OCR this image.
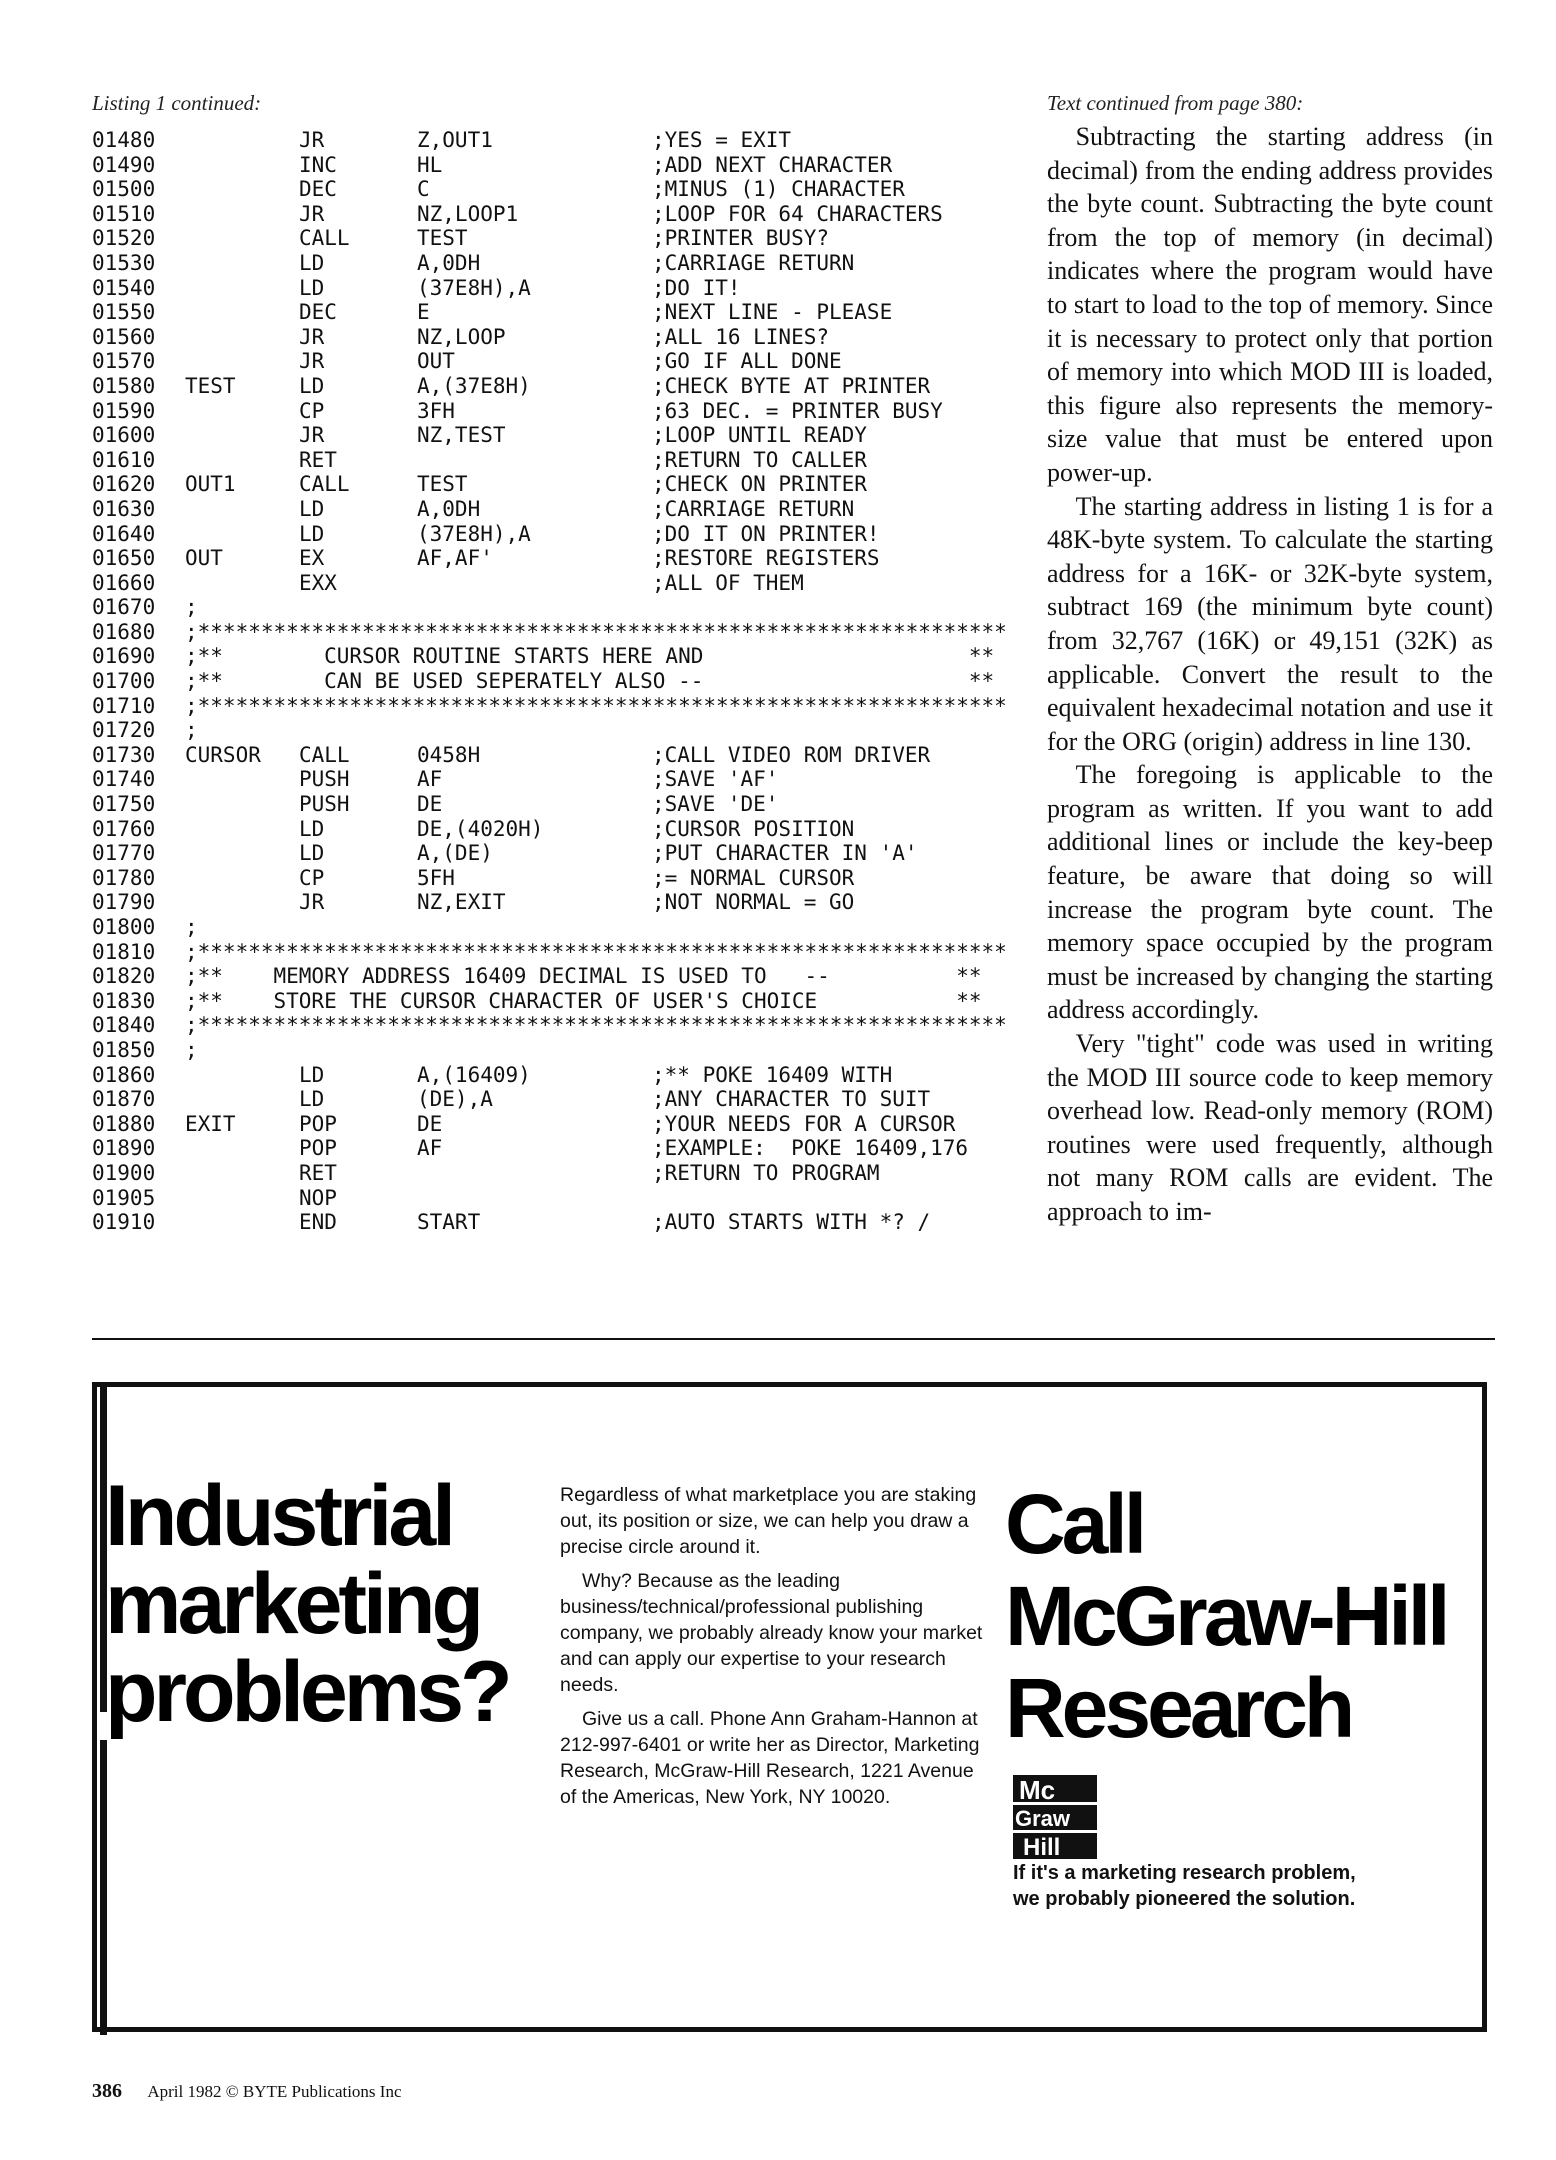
Listing 1 continued:	Text continued from page 380:
01480	JR	Z,OUT1	;YES = EXIT
01490	INC	HL	;ADD NEXT CHARACTER
01500	DEC	C	;MINUS (1) CHARACTER
01510	JR	NZ,LOOP1	;LOOP FOR 64 CHARACTERS
01520	CALL	TEST	;PRINTER BUSY?
01530	LD	A,0DH	;CARRIAGE RETURN
01540	LD	(37E8H),A	;DO IT!
01550	DEC	E	;NEXT LINE - PLEASE
01560	JR	NZ,LOOP	;ALL 16 LINES?
01570	JR	OUT	;GO IF ALL DONE
01580 TEST	LD	A,(37E8H)	;CHECK BYTE AT PRINTER
01590	CP	3FH	;63 DEC. = PRINTER BUSY
01600	JR	NZ,TEST	;LOOP UNTIL READY
01610	RET	;RETURN TO CALLER
01620 OUT1	CALL	TEST	;CHECK ON PRINTER
01630	LD	A,0DH	;CARRIAGE RETURN
01640	LD	(37E8H),A	;DO IT ON PRINTER!
01650 OUT	EX	AF,AF'	;RESTORE REGISTERS
01660	EXX	;ALL OF THEM
01670 ;
01680 ;****************************************************************
01690 ;**        CURSOR ROUTINE STARTS HERE AND                     **
01700 ;**        CAN BE USED SEPERATELY ALSO --                     **
01710 ;****************************************************************
01720 ;
01730 CURSOR CALL	0458H	;CALL VIDEO ROM DRIVER
01740	PUSH	AF	;SAVE 'AF'
01750	PUSH	DE	;SAVE 'DE'
01760	LD	DE,(4020H)	;CURSOR POSITION
01770	LD	A,(DE)	;PUT CHARACTER IN 'A'
01780	CP	5FH	;= NORMAL CURSOR
01790	JR	NZ,EXIT	;NOT NORMAL = GO
01800 ;
01810 ;****************************************************************
01820 ;**    MEMORY ADDRESS 16409 DECIMAL IS USED TO   --          **
01830 ;**    STORE THE CURSOR CHARACTER OF USER'S CHOICE           **
01840 ;****************************************************************
01850 ;
01860	LD	A,(16409)	;** POKE 16409 WITH
01870	LD	(DE),A	;ANY CHARACTER TO SUIT
01880 EXIT	POP	DE	;YOUR NEEDS FOR A CURSOR
01890	POP	AF	;EXAMPLE:  POKE 16409,176
01900	RET	;RETURN TO PROGRAM
01905	NOP
01910	END	START	;AUTO STARTS WITH *? /

Subtracting the starting address (in decimal) from the ending address provides the byte count. Subtracting the byte count from the top of memory (in decimal) indicates where the program would have to start to load to the top of memory. Since it is necessary to protect only that portion of memory into which MOD III is loaded, this figure also represents the memory-size value that must be entered upon power-up.

The starting address in listing 1 is for a 48K-byte system. To calculate the starting address for a 16K- or 32K-byte system, subtract 169 (the minimum byte count) from 32,767 (16K) or 49,151 (32K) as applicable. Convert the result to the equivalent hexadecimal notation and use it for the ORG (origin) address in line 130.

The foregoing is applicable to the program as written. If you want to add additional lines or include the key-beep feature, be aware that doing so will increase the program byte count. The memory space occupied by the program must be increased by changing the starting address accordingly.

Very "tight" code was used in writing the MOD III source code to keep memory overhead low. Read-only memory (ROM) routines were used frequently, although not many ROM calls are evident. The approach to im-

Industrial
marketing
problems?

Regardless of what marketplace you are staking out, its position or size, we can help you draw a precise circle around it.

Why? Because as the leading business/technical/professional publishing company, we probably already know your market and can apply our expertise to your research needs.

Give us a call. Phone Ann Graham-Hannon at 212-997-6401 or write her as Director, Marketing Research, McGraw-Hill Research, 1221 Avenue of the Americas, New York, NY 10020.

Call
McGraw-Hill
Research
Mc
Graw
Hill
If it's a marketing research problem,
we probably pioneered the solution.
386 April 1982 © BYTE Publications Inc
